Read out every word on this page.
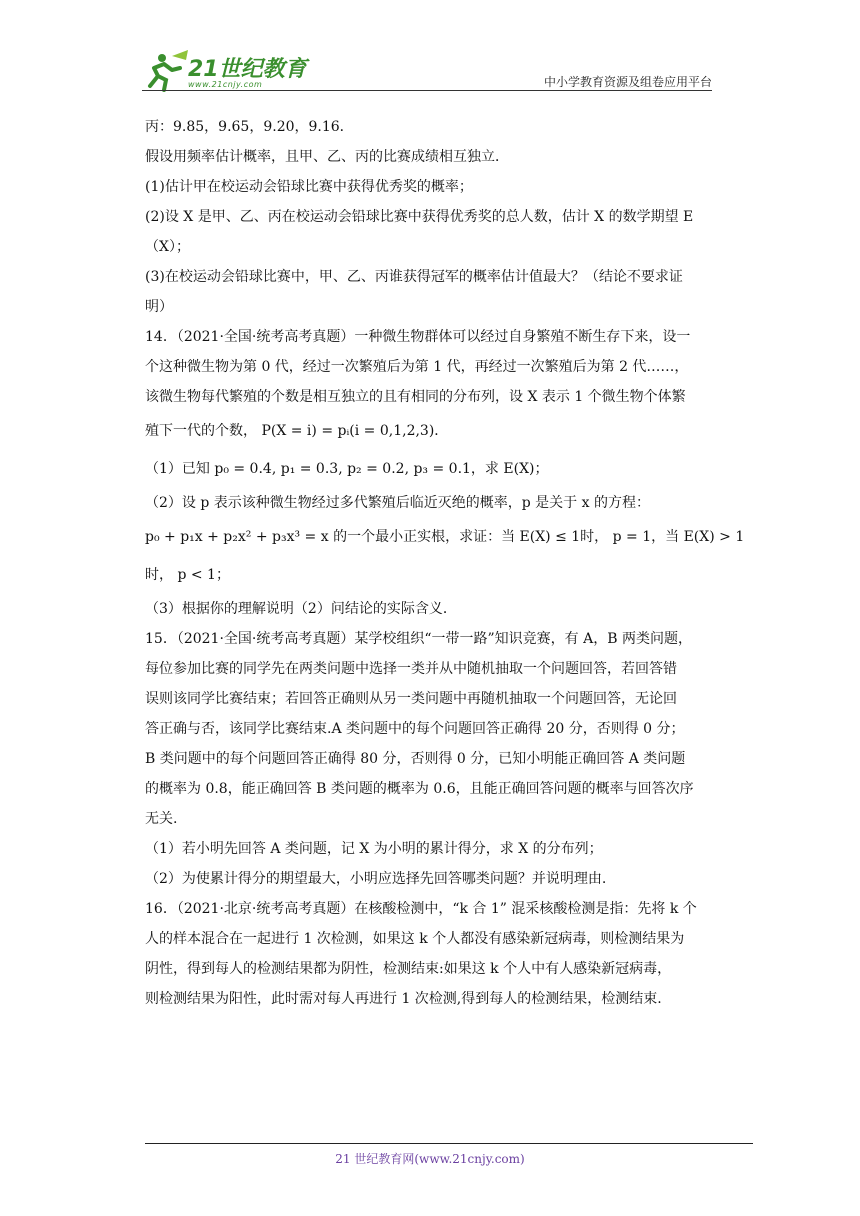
21世纪教育
www.21cnjy.com	中小学教育资源及组卷应用平台
丙：9.85，9.65，9.20，9.16．
假设用频率估计概率，且甲、乙、丙的比赛成绩相互独立．
(1)估计甲在校运动会铅球比赛中获得优秀奖的概率；
(2)设 X 是甲、乙、丙在校运动会铅球比赛中获得优秀奖的总人数，估计 X 的数学期望 E
（X）；
(3)在校运动会铅球比赛中，甲、乙、丙谁获得冠军的概率估计值最大？（结论不要求证
明）
14．（2021·全国·统考高考真题）一种微生物群体可以经过自身繁殖不断生存下来，设一
个这种微生物为第 0 代，经过一次繁殖后为第 1 代，再经过一次繁殖后为第 2 代……，
该微生物每代繁殖的个数是相互独立的且有相同的分布列，设 X 表示 1 个微生物个体繁
殖下一代的个数， P(X = i) = pᵢ(i = 0,1,2,3)．
（1）已知 p₀ = 0.4, p₁ = 0.3, p₂ = 0.2, p₃ = 0.1，求 E(X)；
（2）设 p 表示该种微生物经过多代繁殖后临近灭绝的概率，p 是关于 x 的方程：
p₀ + p₁x + p₂x² + p₃x³ = x 的一个最小正实根，求证：当 E(X) ≤ 1时， p = 1，当 E(X) > 1
时， p < 1；
（3）根据你的理解说明（2）问结论的实际含义．
15．（2021·全国·统考高考真题）某学校组织“一带一路”知识竞赛，有 A，B 两类问题，
每位参加比赛的同学先在两类问题中选择一类并从中随机抽取一个问题回答，若回答错
误则该同学比赛结束；若回答正确则从另一类问题中再随机抽取一个问题回答，无论回
答正确与否，该同学比赛结束.A 类问题中的每个问题回答正确得 20 分，否则得 0 分；
B 类问题中的每个问题回答正确得 80 分，否则得 0 分，已知小明能正确回答 A 类问题
的概率为 0.8，能正确回答 B 类问题的概率为 0.6，且能正确回答问题的概率与回答次序
无关.
（1）若小明先回答 A 类问题，记 X 为小明的累计得分，求 X 的分布列；
（2）为使累计得分的期望最大，小明应选择先回答哪类问题？并说明理由.
16．（2021·北京·统考高考真题）在核酸检测中，“k 合 1” 混采核酸检测是指：先将 k 个
人的样本混合在一起进行 1 次检测，如果这 k 个人都没有感染新冠病毒，则检测结果为
阴性，得到每人的检测结果都为阴性，检测结束:如果这 k 个人中有人感染新冠病毒，
则检测结果为阳性，此时需对每人再进行 1 次检测,得到每人的检测结果，检测结束.
21 世纪教育网(www.21cnjy.com)
